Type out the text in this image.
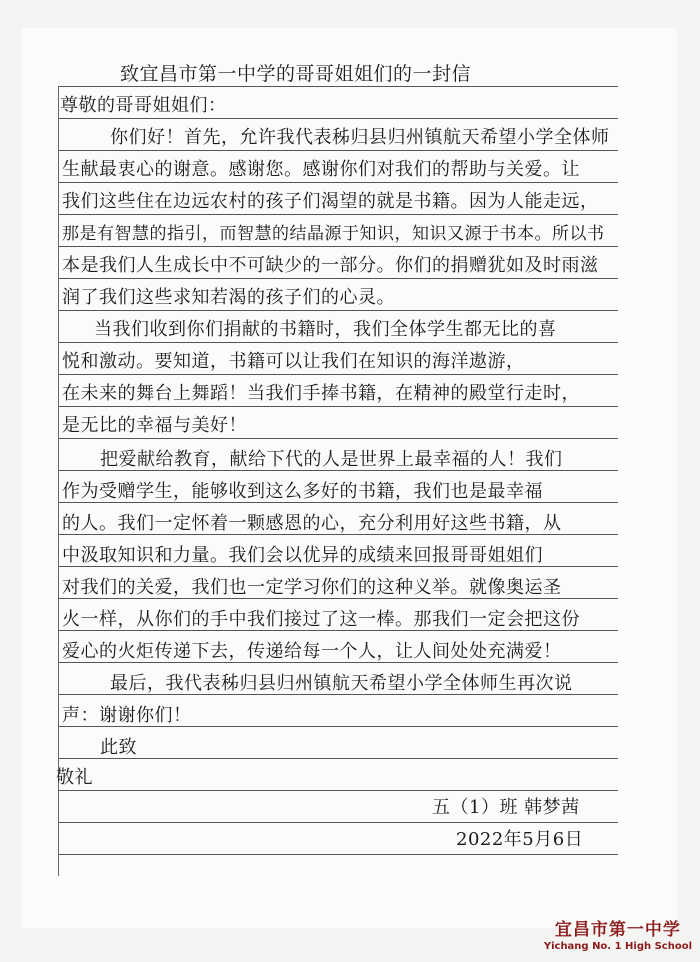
致宜昌市第一中学的哥哥姐姐们的一封信
尊敬的哥哥姐姐们：
你们好！首先，允许我代表秭归县归州镇航天希望小学全体师
生献最衷心的谢意。感谢您。感谢你们对我们的帮助与关爱。让
我们这些住在边远农村的孩子们渴望的就是书籍。因为人能走远，
那是有智慧的指引，而智慧的结晶源于知识，知识又源于书本。所以书
本是我们人生成长中不可缺少的一部分。你们的捐赠犹如及时雨滋
润了我们这些求知若渴的孩子们的心灵。
当我们收到你们捐献的书籍时，我们全体学生都无比的喜
悦和激动。要知道，书籍可以让我们在知识的海洋遨游，
在未来的舞台上舞蹈！当我们手捧书籍，在精神的殿堂行走时，
是无比的幸福与美好！
把爱献给教育，献给下代的人是世界上最幸福的人！我们
作为受赠学生，能够收到这么多好的书籍，我们也是最幸福
的人。我们一定怀着一颗感恩的心，充分利用好这些书籍，从
中汲取知识和力量。我们会以优异的成绩来回报哥哥姐姐们
对我们的关爱，我们也一定学习你们的这种义举。就像奥运圣
火一样，从你们的手中我们接过了这一棒。那我们一定会把这份
爱心的火炬传递下去，传递给每一个人，让人间处处充满爱！
最后，我代表秭归县归州镇航天希望小学全体师生再次说
声：谢谢你们！
此致
敬礼
五（1）班 韩梦茜
2022年5月6日
宜昌市第一中学
Yichang No. 1 High School
